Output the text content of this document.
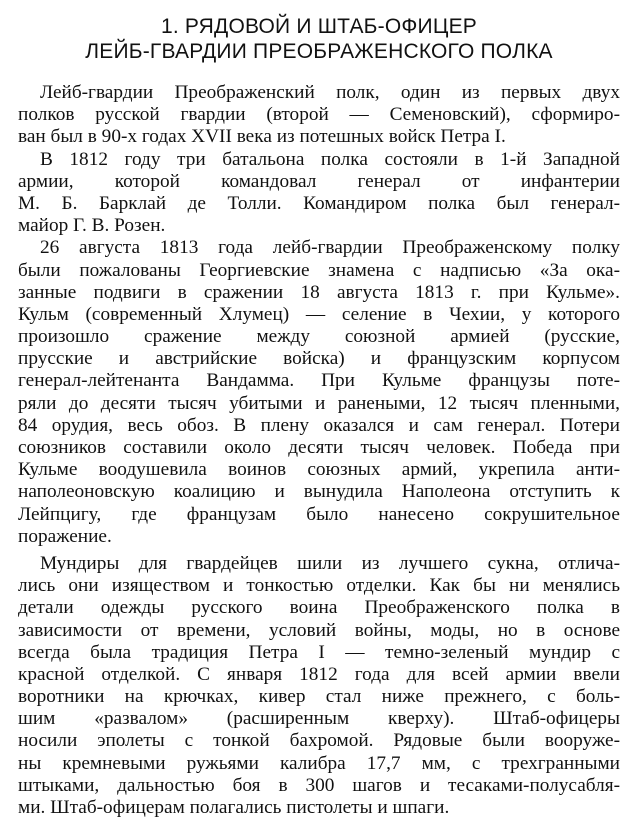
1. РЯДОВОЙ И ШТАБ-ОФИЦЕР
ЛЕЙБ-ГВАРДИИ ПРЕОБРАЖЕНСКОГО ПОЛКА
Лейб-гвардии Преображенский полк, один из первых двух
полков русской гвардии (второй — Семеновский), сформиро-
ван был в 90-х годах XVII века из потешных войск Петра I.
В 1812 году три батальона полка состояли в 1-й Западной
армии, которой командовал генерал от инфантерии
М. Б. Барклай де Толли. Командиром полка был генерал-
майор Г. В. Розен.
26 августа 1813 года лейб-гвардии Преображенскому полку
были пожалованы Георгиевские знамена с надписью «За ока-
занные подвиги в сражении 18 августа 1813 г. при Кульме».
Кульм (современный Хлумец) — селение в Чехии, у которого
произошло сражение между союзной армией (русские,
прусские и австрийские войска) и французским корпусом
генерал-лейтенанта Вандамма. При Кульме французы поте-
ряли до десяти тысяч убитыми и ранеными, 12 тысяч пленными,
84 орудия, весь обоз. В плену оказался и сам генерал. Потери
союзников составили около десяти тысяч человек. Победа при
Кульме воодушевила воинов союзных армий, укрепила анти-
наполеоновскую коалицию и вынудила Наполеона отступить к
Лейпцигу, где французам было нанесено сокрушительное
поражение.
Мундиры для гвардейцев шили из лучшего сукна, отлича-
лись они изяществом и тонкостью отделки. Как бы ни менялись
детали одежды русского воина Преображенского полка в
зависимости от времени, условий войны, моды, но в основе
всегда была традиция Петра I — темно-зеленый мундир с
красной отделкой. С января 1812 года для всей армии ввели
воротники на крючках, кивер стал ниже прежнего, с боль-
шим «развалом» (расширенным кверху). Штаб-офицеры
носили эполеты с тонкой бахромой. Рядовые были вооруже-
ны кремневыми ружьями калибра 17,7 мм, с трехгранными
штыками, дальностью боя в 300 шагов и тесаками-полусабля-
ми. Штаб-офицерам полагались пистолеты и шпаги.
